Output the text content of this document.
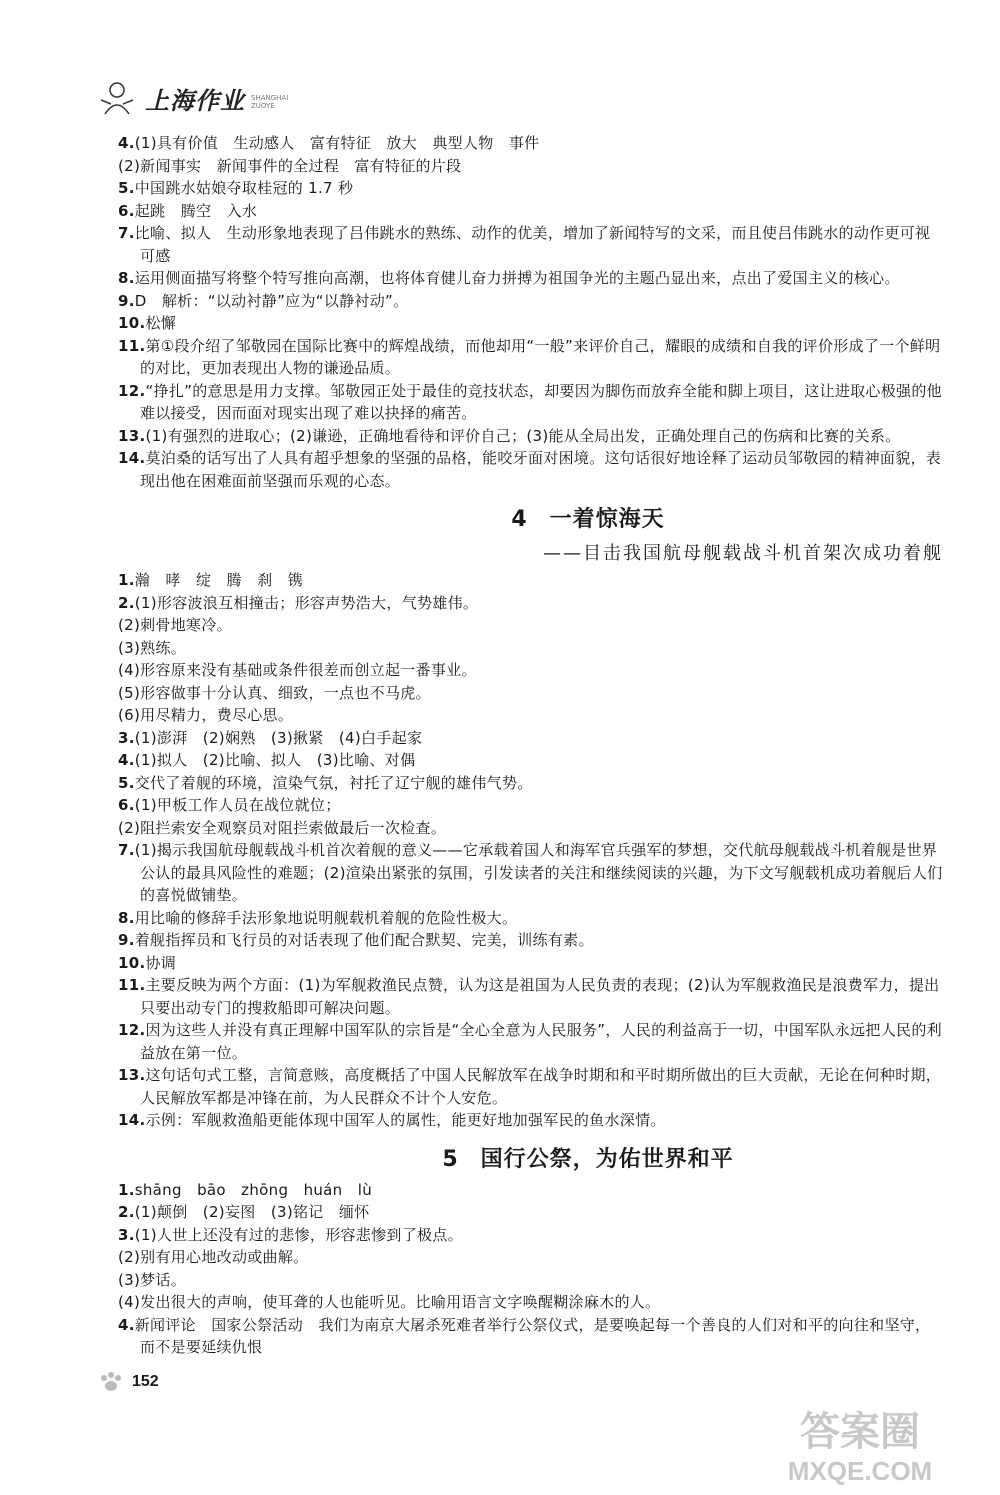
上海作业 SHANGHAI ZUOYE
4.(1)具有价值　生动感人　富有特征　放大　典型人物　事件
(2)新闻事实　新闻事件的全过程　富有特征的片段
5.中国跳水姑娘夺取桂冠的 1.7 秒
6.起跳　腾空　入水
7.比喻、拟人　生动形象地表现了吕伟跳水的熟练、动作的优美，增加了新闻特写的文采，而且使吕伟跳水的动作更可视可感
8.运用侧面描写将整个特写推向高潮，也将体育健儿奋力拼搏为祖国争光的主题凸显出来，点出了爱国主义的核心。
9.D　解析：“以动衬静”应为“以静衬动”。
10.松懈
11.第①段介绍了邹敬园在国际比赛中的辉煌战绩，而他却用“一般”来评价自己，耀眼的成绩和自我的评价形成了一个鲜明的对比，更加表现出人物的谦逊品质。
12.“挣扎”的意思是用力支撑。邹敬园正处于最佳的竞技状态，却要因为脚伤而放弃全能和脚上项目，这让进取心极强的他难以接受，因而面对现实出现了难以抉择的痛苦。
13.(1)有强烈的进取心；(2)谦逊，正确地看待和评价自己；(3)能从全局出发，正确处理自己的伤病和比赛的关系。
14.莫泊桑的话写出了人具有超乎想象的坚强的品格，能咬牙面对困境。这句话很好地诠释了运动员邹敬园的精神面貌，表现出他在困难面前坚强而乐观的心态。
4 一着惊海天
——目击我国航母舰载战斗机首架次成功着舰
1.瀚　哮　绽　腾　刹　镌
2.(1)形容波浪互相撞击；形容声势浩大，气势雄伟。
(2)刺骨地寒冷。
(3)熟练。
(4)形容原来没有基础或条件很差而创立起一番事业。
(5)形容做事十分认真、细致，一点也不马虎。
(6)用尽精力，费尽心思。
3.(1)澎湃　(2)娴熟　(3)揪紧　(4)白手起家
4.(1)拟人　(2)比喻、拟人　(3)比喻、对偶
5.交代了着舰的环境，渲染气氛，衬托了辽宁舰的雄伟气势。
6.(1)甲板工作人员在战位就位；
(2)阻拦索安全观察员对阻拦索做最后一次检查。
7.(1)揭示我国航母舰载战斗机首次着舰的意义——它承载着国人和海军官兵强军的梦想，交代航母舰载战斗机着舰是世界公认的最具风险性的难题；(2)渲染出紧张的氛围，引发读者的关注和继续阅读的兴趣，为下文写舰载机成功着舰后人们的喜悦做铺垫。
8.用比喻的修辞手法形象地说明舰载机着舰的危险性极大。
9.着舰指挥员和飞行员的对话表现了他们配合默契、完美，训练有素。
10.协调
11.主要反映为两个方面：(1)为军舰救渔民点赞，认为这是祖国为人民负责的表现；(2)认为军舰救渔民是浪费军力，提出只要出动专门的搜救船即可解决问题。
12.因为这些人并没有真正理解中国军队的宗旨是“全心全意为人民服务”，人民的利益高于一切，中国军队永远把人民的利益放在第一位。
13.这句话句式工整，言简意赅，高度概括了中国人民解放军在战争时期和和平时期所做出的巨大贡献，无论在何种时期，人民解放军都是冲锋在前，为人民群众不计个人安危。
14.示例：军舰救渔船更能体现中国军人的属性，能更好地加强军民的鱼水深情。
5 国行公祭，为佑世界和平
1.shāng　bāo　zhōng　huán　lù
2.(1)颠倒　(2)妄图　(3)铭记　缅怀
3.(1)人世上还没有过的悲惨，形容悲惨到了极点。
(2)别有用心地改动或曲解。
(3)梦话。
(4)发出很大的声响，使耳聋的人也能听见。比喻用语言文字唤醒糊涂麻木的人。
4.新闻评论　国家公祭活动　我们为南京大屠杀死难者举行公祭仪式，是要唤起每一个善良的人们对和平的向往和坚守，而不是要延续仇恨
152
答案圈
MXQE.COM
